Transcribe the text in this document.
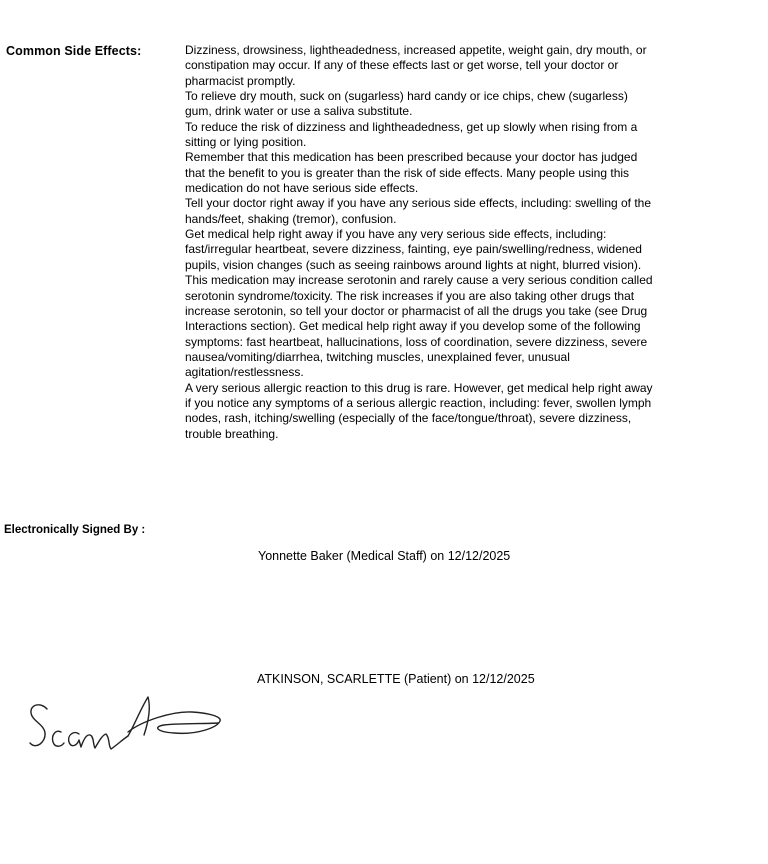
Common Side Effects:	Dizziness, drowsiness, lightheadedness, increased appetite, weight gain, dry mouth, or constipation may occur. If any of these effects last or get worse, tell your doctor or pharmacist promptly.

To relieve dry mouth, suck on (sugarless) hard candy or ice chips, chew (sugarless) gum, drink water or use a saliva substitute.

To reduce the risk of dizziness and lightheadedness, get up slowly when rising from a sitting or lying position.

Remember that this medication has been prescribed because your doctor has judged that the benefit to you is greater than the risk of side effects. Many people using this medication do not have serious side effects.

Tell your doctor right away if you have any serious side effects, including: swelling of the hands/feet, shaking (tremor), confusion.

Get medical help right away if you have any very serious side effects, including: fast/irregular heartbeat, severe dizziness, fainting, eye pain/swelling/redness, widened pupils, vision changes (such as seeing rainbows around lights at night, blurred vision).

This medication may increase serotonin and rarely cause a very serious condition called serotonin syndrome/toxicity. The risk increases if you are also taking other drugs that increase serotonin, so tell your doctor or pharmacist of all the drugs you take (see Drug Interactions section). Get medical help right away if you develop some of the following symptoms: fast heartbeat, hallucinations, loss of coordination, severe dizziness, severe nausea/vomiting/diarrhea, twitching muscles, unexplained fever, unusual agitation/restlessness.

A very serious allergic reaction to this drug is rare. However, get medical help right away if you notice any symptoms of a serious allergic reaction, including: fever, swollen lymph nodes, rash, itching/swelling (especially of the face/tongue/throat), severe dizziness, trouble breathing.

Electronically Signed By :
Yonnette Baker (Medical Staff) on 12/12/2025
ATKINSON, SCARLETTE (Patient) on 12/12/2025
